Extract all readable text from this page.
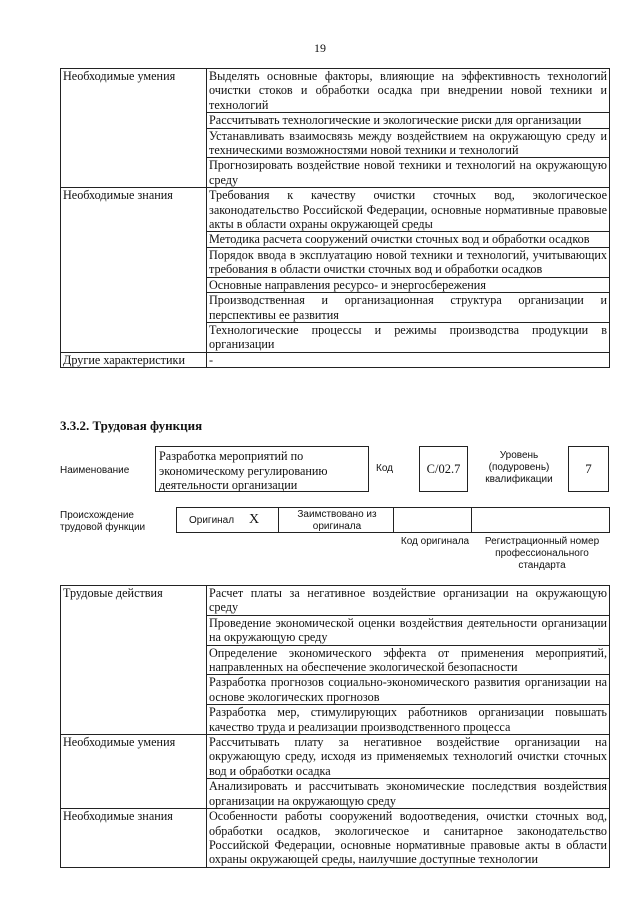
19
Необходимые умения	Выделять основные факторы, влияющие на эффективность технологий очистки стоков и обработки осадка при внедрении новой техники и технологий
	Рассчитывать технологические и экологические риски для организации
	Устанавливать взаимосвязь между воздействием на окружающую среду и техническими возможностями новой техники и технологий
	Прогнозировать воздействие новой техники и технологий на окружающую среду
Необходимые знания	Требования к качеству очистки сточных вод, экологическое законодательство Российской Федерации, основные нормативные правовые акты в области охраны окружающей среды
	Методика расчета сооружений очистки сточных вод и обработки осадков
	Порядок ввода в эксплуатацию новой техники и технологий, учитывающих требования в области очистки сточных вод и обработки осадков
	Основные направления ресурсо- и энергосбережения
	Производственная и организационная структура организации и перспективы ее развития
	Технологические процессы и режимы производства продукции в организации
Другие характеристики	-
3.3.2. Трудовая функция
Наименование
Разработка мероприятий по экономическому регулированию деятельности организации
Код	С/02.7
Уровень (подуровень) квалификации
7
Происхождение трудовой функции
Оригинал X	Заимствовано из оригинала
Код оригинала	Регистрационный номер профессионального стандарта
Трудовые действия	Расчет платы за негативное воздействие организации на окружающую среду
	Проведение экономической оценки воздействия деятельности организации на окружающую среду
	Определение экономического эффекта от применения мероприятий, направленных на обеспечение экологической безопасности
	Разработка прогнозов социально-экономического развития организации на основе экологических прогнозов
	Разработка мер, стимулирующих работников организации повышать качество труда и реализации производственного процесса
Необходимые умения	Рассчитывать плату за негативное воздействие организации на окружающую среду, исходя из применяемых технологий очистки сточных вод и обработки осадка
	Анализировать и рассчитывать экономические последствия воздействия организации на окружающую среду
Необходимые знания	Особенности работы сооружений водоотведения, очистки сточных вод, обработки осадков, экологическое и санитарное законодательство Российской Федерации, основные нормативные правовые акты в области охраны окружающей среды, наилучшие доступные технологии
